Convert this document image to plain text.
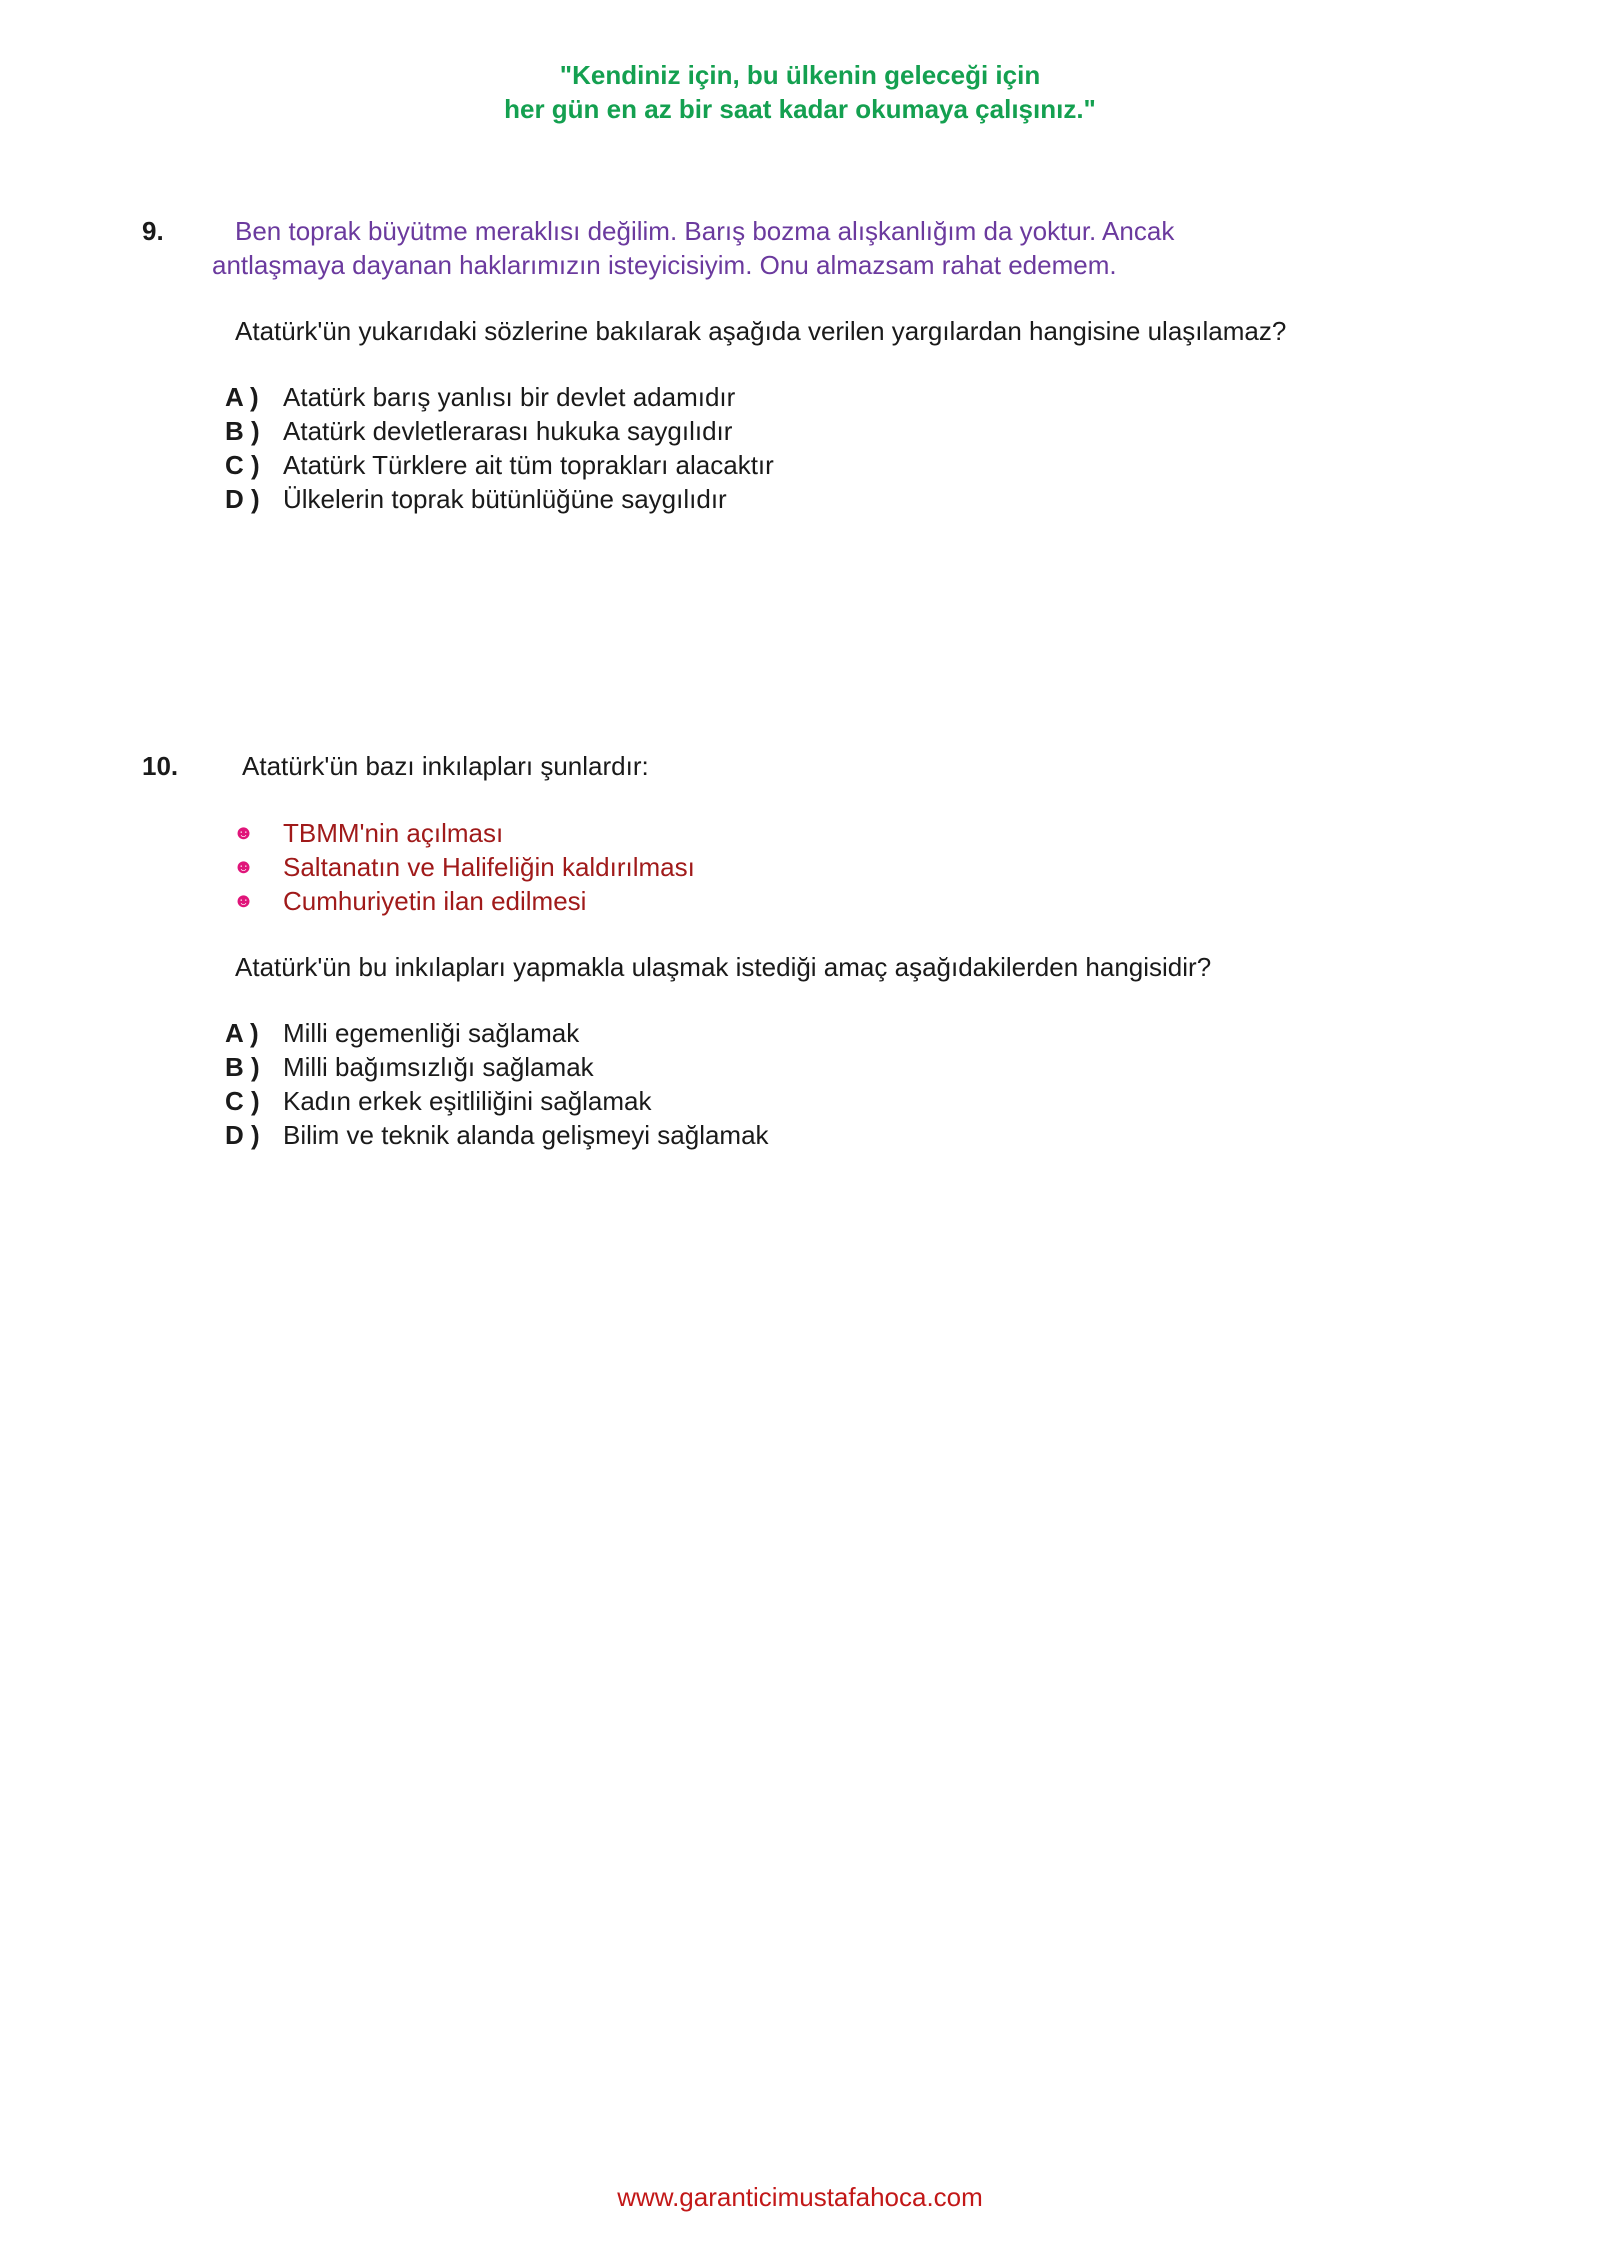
"Kendiniz için, bu ülkenin geleceği için
her gün en az bir saat kadar okumaya çalışınız."
9.	Ben toprak büyütme meraklısı değilim. Barış bozma alışkanlığım da yoktur. Ancak
antlaşmaya dayanan haklarımızın isteyicisiyim. Onu almazsam rahat edemem.
Atatürk'ün yukarıdaki sözlerine bakılarak aşağıda verilen yargılardan hangisine ulaşılamaz?
A ) Atatürk barış yanlısı bir devlet adamıdır
B ) Atatürk devletlerarası hukuka saygılıdır
C ) Atatürk Türklere ait tüm toprakları alacaktır
D ) Ülkelerin toprak bütünlüğüne saygılıdır
10. Atatürk'ün bazı inkılapları şunlardır:
☻	TBMM'nin açılması
☻	Saltanatın ve Halifeliğin kaldırılması
☻	Cumhuriyetin ilan edilmesi
Atatürk'ün bu inkılapları yapmakla ulaşmak istediği amaç aşağıdakilerden hangisidir?
A ) Milli egemenliği sağlamak
B ) Milli bağımsızlığı sağlamak
C ) Kadın erkek eşitliliğini sağlamak
D ) Bilim ve teknik alanda gelişmeyi sağlamak
www.garanticimustafahoca.com
